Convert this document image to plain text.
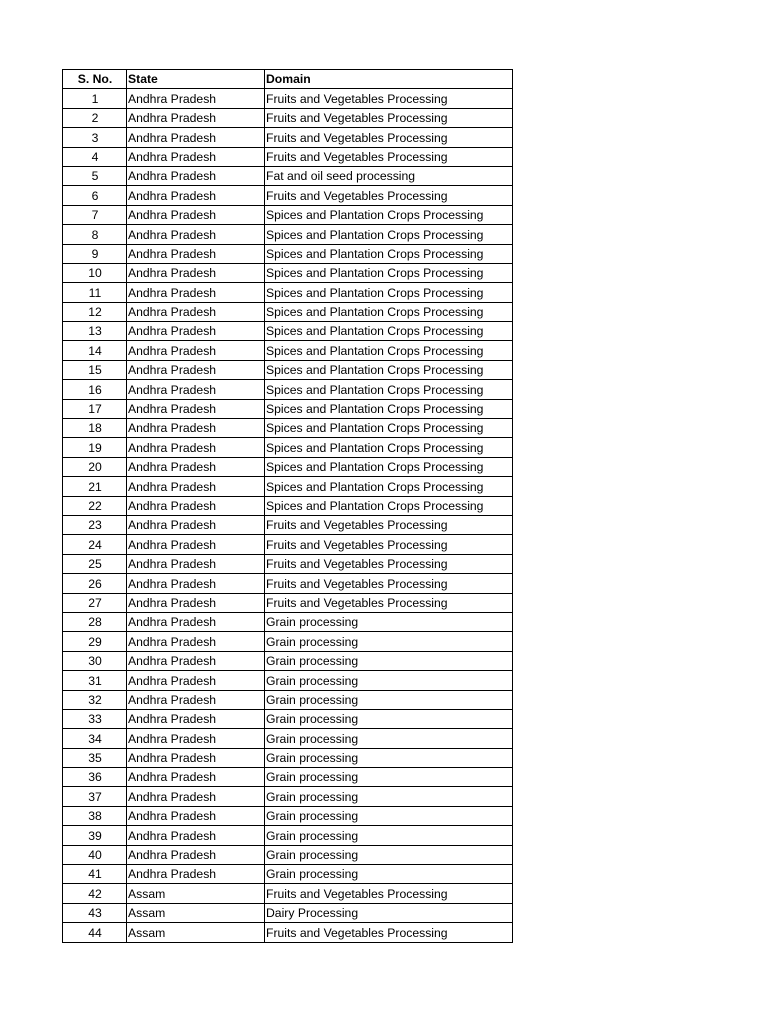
S. No.	State	Domain
1	Andhra Pradesh	Fruits and Vegetables Processing
2	Andhra Pradesh	Fruits and Vegetables Processing
3	Andhra Pradesh	Fruits and Vegetables Processing
4	Andhra Pradesh	Fruits and Vegetables Processing
5	Andhra Pradesh	Fat and oil seed processing
6	Andhra Pradesh	Fruits and Vegetables Processing
7	Andhra Pradesh	Spices and Plantation Crops Processing
8	Andhra Pradesh	Spices and Plantation Crops Processing
9	Andhra Pradesh	Spices and Plantation Crops Processing
10	Andhra Pradesh	Spices and Plantation Crops Processing
11	Andhra Pradesh	Spices and Plantation Crops Processing
12	Andhra Pradesh	Spices and Plantation Crops Processing
13	Andhra Pradesh	Spices and Plantation Crops Processing
14	Andhra Pradesh	Spices and Plantation Crops Processing
15	Andhra Pradesh	Spices and Plantation Crops Processing
16	Andhra Pradesh	Spices and Plantation Crops Processing
17	Andhra Pradesh	Spices and Plantation Crops Processing
18	Andhra Pradesh	Spices and Plantation Crops Processing
19	Andhra Pradesh	Spices and Plantation Crops Processing
20	Andhra Pradesh	Spices and Plantation Crops Processing
21	Andhra Pradesh	Spices and Plantation Crops Processing
22	Andhra Pradesh	Spices and Plantation Crops Processing
23	Andhra Pradesh	Fruits and Vegetables Processing
24	Andhra Pradesh	Fruits and Vegetables Processing
25	Andhra Pradesh	Fruits and Vegetables Processing
26	Andhra Pradesh	Fruits and Vegetables Processing
27	Andhra Pradesh	Fruits and Vegetables Processing
28	Andhra Pradesh	Grain processing
29	Andhra Pradesh	Grain processing
30	Andhra Pradesh	Grain processing
31	Andhra Pradesh	Grain processing
32	Andhra Pradesh	Grain processing
33	Andhra Pradesh	Grain processing
34	Andhra Pradesh	Grain processing
35	Andhra Pradesh	Grain processing
36	Andhra Pradesh	Grain processing
37	Andhra Pradesh	Grain processing
38	Andhra Pradesh	Grain processing
39	Andhra Pradesh	Grain processing
40	Andhra Pradesh	Grain processing
41	Andhra Pradesh	Grain processing
42	Assam	Fruits and Vegetables Processing
43	Assam	Dairy Processing
44	Assam	Fruits and Vegetables Processing
